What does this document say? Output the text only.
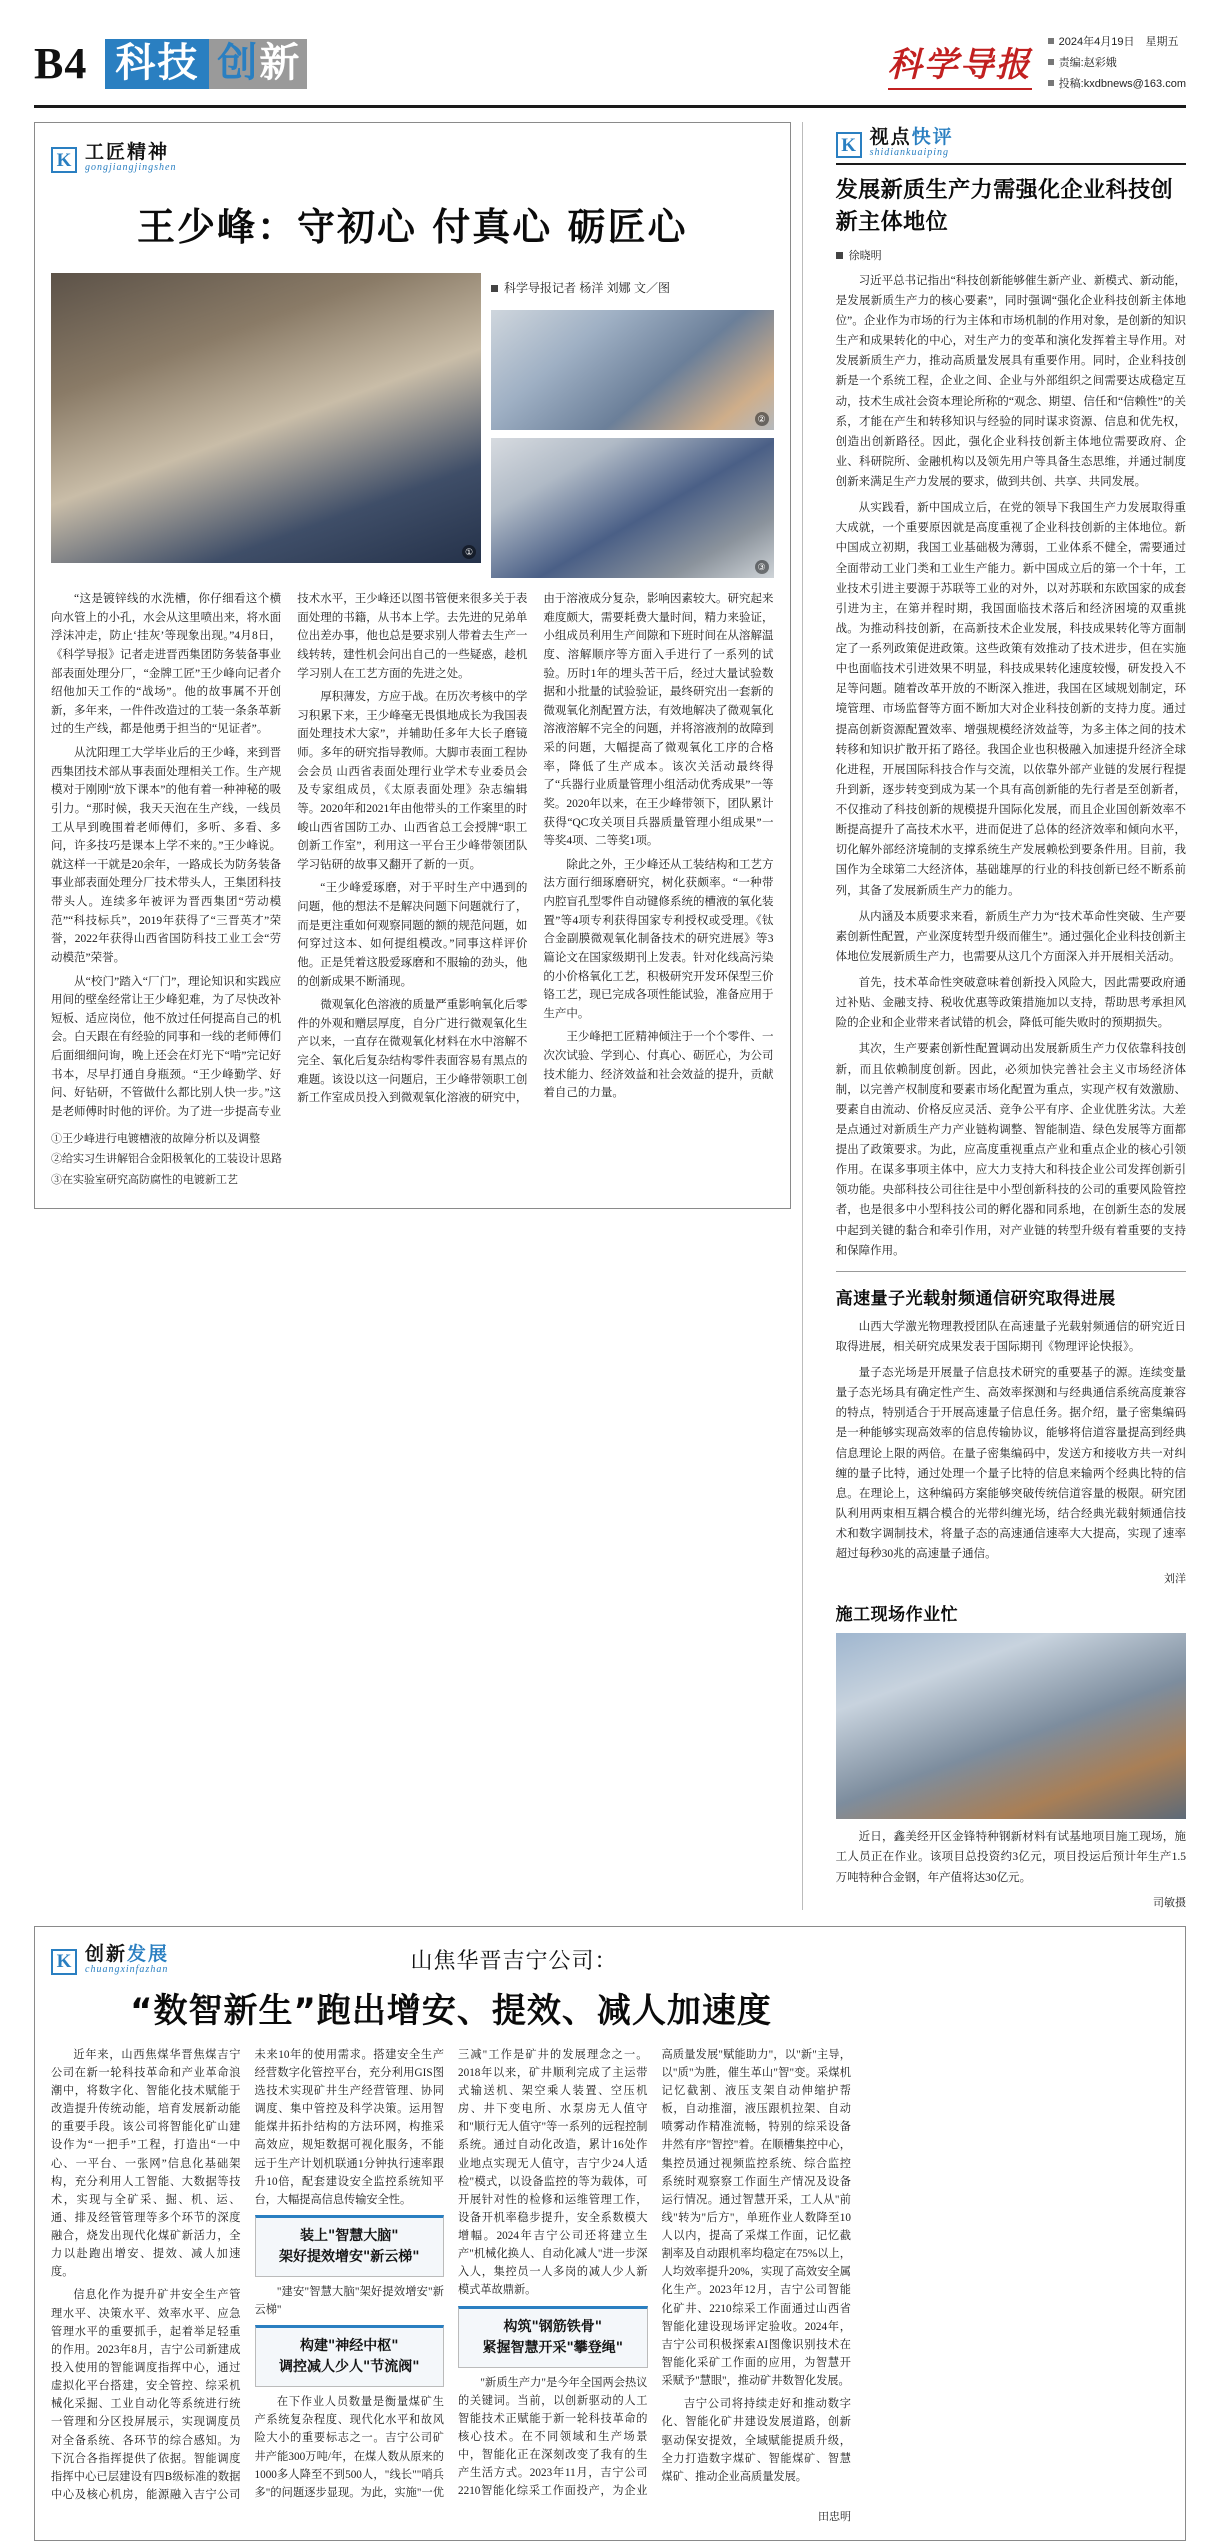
B4 科技 创新	科学导报
2024年4月19日　星期五
责编:赵彩娥
投稿:kxdbnews@163.com
K 工匠精神
gongjiangjingshen
王少峰：守初心 付真心 砺匠心
①
科学导报记者 杨洋 刘娜 文／图
②
③

“这是镀锌线的水洗槽，你仔细看这个横向水管上的小孔，水会从这里喷出来，将水面浮沫冲走，防止‘挂灰’等现象出现。”4月8日，《科学导报》记者走进晋西集团防务装备事业部表面处理分厂，“金牌工匠”王少峰向记者介绍他加天工作的“战场”。他的故事属不开创新，多年来，一件件改造过的工装一条条革新过的生产线，都是他勇于担当的“见证者”。

从沈阳理工大学毕业后的王少峰，来到晋西集团技术部从事表面处理相关工作。生产规模对于刚刚“放下课本”的他有着一种神秘的吸引力。“那时候，我天天泡在生产线，一线员工从早到晚围着老师傅们，多听、多看、多问，许多技巧是课本上学不来的。”王少峰说。就这样一干就是20余年，一路成长为防务装备事业部表面处理分厂技术带头人，王集团科技带头人。连续多年被评为晋西集团“劳动模范”“科技标兵”，2019年获得了“三晋英才”荣誉，2022年获得山西省国防科技工业工会“劳动模范”荣誉。

从“校门”踏入“厂门”，理论知识和实践应用间的壁垒经常让王少峰犯难，为了尽快改补短板、适应岗位，他不放过任何提高自己的机会。白天跟在有经验的同事和一线的老师傅们后面细细问询，晚上还会在灯光下“啃”完记好书本，尽早打通自身瓶颈。“王少峰勤学、好问、好钻研，不管做什么都比别人快一步。”这是老师傅时时他的评价。为了进一步提高专业技术水平，王少峰还以图书管便来很多关于表面处理的书籍，从书本上学。去先进的兄弟单位出差办事，他也总是要求别人带着去生产一线转转，建性机会问出自己的一些疑惑，趁机学习别人在工艺方面的先进之处。

厚积薄发，方应于战。在历次考核中的学习积累下来，王少峰毫无畏惧地成长为我国表面处理技术大家”，并辅助任多年大长子磨镜师。多年的研究指导教师。大脚市表面工程协会会员 山西省表面处理行业学术专业委员会及专家组成员，《太原表面处理》杂志编辑等。2020年和2021年由他带头的工作案里的时峻山西省国防工办、山西省总工会授牌“职工创新工作室”，利用这一平台王少峰带领团队学习钻研的故事又翻开了新的一页。

“王少峰爱琢磨，对于平时生产中遇到的问题，他的想法不是解决问题下问题就行了，而是更注重如何观察同题的额的规范问题，如何穿过这本、如何提组模改。”同事这样评价他。正是凭着这股爱琢磨和不服输的劲头，他的创新成果不断涌现。

微观氧化色溶液的质量严重影响氧化后零件的外观和赠层厚度，自分广进行微观氧化生产以来，一直存在微观氧化材料在水中溶解不完全、氧化后复杂结构零件表面容易有黑点的难题。该设以这一问题启，王少峰带领职工创新工作室成员投入到微观氧化溶液的研究中，由于溶液成分复杂，影响因素较大。研究起来难度颇大，需要耗费大量时间，精力来验证，小组成员利用生产间隙和下班时间在从溶解温度、溶解顺序等方面入手进行了一系列的试验。历时1年的埋头苦干后，经过大量试验数据和小批量的试验验证，最终研究出一套新的微观氧化剂配置方法，有效地解决了微观氧化溶液溶解不完全的问题，并将溶液剂的故障到采的问题，大幅提高了微观氧化工序的合格率，降低了生产成本。该次关活动最终得了“兵器行业质量管理小组活动优秀成果”一等奖。2020年以来，在王少峰带领下，团队累计获得“QC攻关项目兵器质量管理小组成果”一等奖4项、二等奖1项。

除此之外，王少峰还从工装结构和工艺方法方面行细琢磨研究，树化获颇率。“一种带内腔盲孔型零件自动键修系统的槽液的氧化装置”等4项专利获得国家专利授权或受理。《钛合金副膜微观氧化制备技术的研究进展》等3篇论文在国家级期刊上发表。针对化线高污染的小价格氧化工艺，积极研究开发环保型三价铬工艺，现已完成各项性能试验，准备应用于生产中。

王少峰把工匠精神倾注于一个个零件、一次次试验、学到心、付真心、砺匠心，为公司技术能力、经济效益和社会效益的提升，贡献着自己的力量。

①王少峰进行电镀槽液的故障分析以及调整
②给实习生讲解铝合金阳极氧化的工装设计思路
③在实验室研究高防腐性的电镀新工艺
K 视点快评
shidiankuaiping
发展新质生产力需强化企业科技创新主体地位
徐晓明

习近平总书记指出“科技创新能够催生新产业、新模式、新动能，是发展新质生产力的核心要素”，同时强调“强化企业科技创新主体地位”。企业作为市场的行为主体和市场机制的作用对象，是创新的知识生产和成果转化的中心，对生产力的变革和演化发挥着主导作用。对发展新质生产力，推动高质量发展具有重要作用。同时，企业科技创新是一个系统工程，企业之间、企业与外部组织之间需要达成稳定互动，技术生成社会资本理论所称的“观念、期望、信任和“信赖性”的关系，才能在产生和转移知识与经验的同时谋求资源、信息和优先权，创造出创新路径。因此，强化企业科技创新主体地位需要政府、企业、科研院所、金融机构以及领先用户等具备生态思维，并通过制度创新来满足生产力发展的要求，做到共创、共享、共同发展。

从实践看，新中国成立后，在党的领导下我国生产力发展取得重大成就，一个重要原因就是高度重视了企业科技创新的主体地位。新中国成立初期，我国工业基础极为薄弱，工业体系不健全，需要通过全面带动工业门类和工业生产能力。新中国成立后的第一个十年，工业技术引进主要源于苏联等工业的对外，以对苏联和东欧国家的成套引进为主，在第并程时期，我国面临技术落后和经济困境的双重挑战。为推动科技创新，在高新技术企业发展，科技成果转化等方面制定了一系列政策促进政策。这些政策有效推动了技术进步，但在实施中也面临技术引进效果不明显，科技成果转化速度较慢，研发投入不足等问题。随着改革开放的不断深入推进，我国在区域规划制定，环境管理、市场监督等方面不断加大对企业科技创新的支持力度。通过提高创新资源配置效率、增强规模经济效益等，为多主体之间的技术转移和知识扩散开拓了路径。我国企业也积极融入加速提升经济全球化进程，开展国际科技合作与交流，以依靠外部产业链的发展行程提升到新，逐步转变到成为某一个具有高创新能的先行者是至创新者，不仅推动了科技创新的规模提升国际化发展，而且企业国创新效率不断提高提升了高技术水平，进而促进了总体的经济效率和倾向水平，切化解外部经济境制的支撑系统生产发展赖松到要条件用。目前，我国作为全球第二大经济体，基础雄厚的行业的科技创新已经不断系前列，其备了发展新质生产力的能力。

从内涵及本质要求来看，新质生产力为“技术革命性突破、生产要素创新性配置，产业深度转型升级而催生”。通过强化企业科技创新主体地位发展新质生产力，也需要从这几个方面深入并开展相关活动。

首先，技术革命性突破意味着创新投入风险大，因此需要政府通过补贴、金融支持、税收优惠等政策措施加以支持，帮助思考承担风险的企业和企业带来者试错的机会，降低可能失败时的预期损失。

其次，生产要素创新性配置调动出发展新质生产力仅依靠科技创新，而且依赖制度创新。因此，必须加快完善社会主义市场经济体制，以完善产权制度和要素市场化配置为重点，实现产权有效激励、要素自由流动、价格反应灵活、竞争公平有序、企业优胜劣汰。大差是点通过对新质生产力产业链构调整、智能制造、绿色发展等方面都提出了政策要求。为此，应高度重视重点产业和重点企业的核心引领作用。在谋多事项主体中，应大力支持大和科技企业公司发挥创新引领功能。央部科技公司往往是中小型创新科技的公司的重要风险管控者，也是很多中小型科技公司的孵化器和同系地，在创新生态的发展中起到关键的黏合和牵引作用，对产业链的转型升级有着重要的支持和保障作用。

高速量子光载射频通信研究取得进展

山西大学激光物理教授团队在高速量子光载射频通信的研究近日取得进展，相关研究成果发表于国际期刊《物理评论快报》。

量子态光场是开展量子信息技术研究的重要基子的源。连续变量量子态光场具有确定性产生、高效率探测和与经典通信系统高度兼容的特点，特别适合于开展高速量子信息任务。据介绍，量子密集编码是一种能够实现高效率的信息传输协议，能够将信道容量提高到经典信息理论上限的两倍。在量子密集编码中，发送方和接收方共一对纠缠的量子比特，通过处理一个量子比特的信息来输两个经典比特的信息。在理论上，这种编码方案能够突破传统信道容量的极限。研究团队利用两束相互耦合模合的光带纠缠光场，结合经典光载射频通信技术和数字调制技术，将量子态的高速通信速率大大提高，实现了速率超过每秒30兆的高速量子通信。

刘洋
施工现场作业忙

近日，鑫美经开区金锋特种钢新材料有试基地项目施工现场，施工人员正在作业。该项目总投资约3亿元，项目投运后预计年生产1.5万吨特种合金钢，年产值将达30亿元。

司敏摄
K 创新发展
chuangxinfazhan	山焦华晋吉宁公司：
“数智新生”跑出增安、提效、减人加速度

近年来，山西焦煤华晋焦煤吉宁公司在新一轮科技革命和产业革命浪潮中，将数字化、智能化技术赋能于改造提升传统动能，培育发展新动能的重要手段。该公司将智能化矿山建设作为“一把手”工程，打造出“一中心、一平台、一张网”信息化基础架构，充分利用人工智能、大数据等技术，实现与全矿采、掘、机、运、通、排及经管管理等多个环节的深度融合，烧发出现代化煤矿新活力，全力以赴跑出增安、提效、减人加速度。

信息化作为提升矿井安全生产管理水平、决策水平、效率水平、应急管理水平的重要抓手，起着举足轻重的作用。2023年8月，吉宁公司新建成投入使用的智能调度指挥中心，通过虚拟化平台搭建，安全管控、综采机械化采掘、工业自动化等系统进行统一管理和分区投屏展示，实现调度员对全备系统、各环节的综合感知。为下沉合各指挥提供了依据。智能调度指挥中心已层建设有四B级标准的数据中心及核心机房，能源融入吉宁公司未来10年的使用需求。搭建安全生产经营数字化管控平台，充分利用GIS图选技术实现矿井生产经营管理、协同调度、集中管控及科学决策。运用智能煤井拓扑结构的方法环网，构推采高效应，规矩数据可视化服务，不能远于生产计划机联通1分钟执行速率跟升10倍，配套建设安全监控系统知平台，大幅提高信息传输安全性。

装上"智慧大脑"
架好提效增安"新云梯"

"建安"智慧大脑"架好提效增安"新云梯"

构建"神经中枢"
调控减人少人"节流阀"

在下作业人员数量是衡量煤矿生产系统复杂程度、现代化水平和故风险大小的重要标志之一。吉宁公司矿井产能300万吨/年，在煤人数从原来的1000多人降至不到500人，"线长""哨兵多"的问题逐步显现。为此，实施"一优三减"工作是矿井的发展理念之一。2018年以来，矿井顺利完成了主运带式输送机、架空乘人装置、空压机房、井下变电所、水泵房无人值守和"顺行无人值守"等一系列的远程控制系统。通过自动化改造，累计16处作业地点实现无人值守，吉宁少24人适检"模式，以设备监控的等为载体，可开展针对性的检修和运维管理工作，设备开机率稳步提升，安全系数模大增幅。2024年吉宁公司还将建立生产"机械化换人、自动化减人"进一步深入人，集控员一人多岗的减人少人新模式革故鼎新。

构筑"钢筋铁骨"
紧握智慧开采"攀登绳"

"新质生产力"是今年全国两会热议的关键词。当前，以创新驱动的人工智能技术正赋能于新一轮科技革命的核心技术。在不同领域和生产场景中，智能化正在深刻改变了我有的生产生活方式。2023年11月，吉宁公司2210智能化综采工作面投产，为企业高质量发展"赋能助力"，以"新"主导，以"质"为胜，催生革山"智"变。采煤机记忆截割、液压支架自动伸缩护帮板，自动推溜，液压跟机拉架、自动喷雾动作精准流畅，特别的综采设备井然有序"智控"着。在顺槽集控中心，集控员通过视频监控系统、综合监控系统时观察察工作面生产情况及设备运行情况。通过智慧开采，工人从"前线"转为"后方"，单班作业人数降至10人以内，提高了采煤工作面，记忆截割率及自动跟机率均稳定在75%以上，人均效率提升20%，实现了高效安全属化生产。2023年12月，吉宁公司智能化矿井、2210综采工作面通过山西省智能化建设现场评定验收。2024年，吉宁公司积极探索AI图像识别技术在智能化采矿工作面的应用，为智慧开采赋予"慧眼"，推动矿井数智化发展。

吉宁公司将持续走好和推动数字化、智能化矿井建设发展道路，创新驱动保安提效，全域赋能提质升级，全力打造数字煤矿、智能煤矿、智慧煤矿、推动企业高质量发展。

田忠明
